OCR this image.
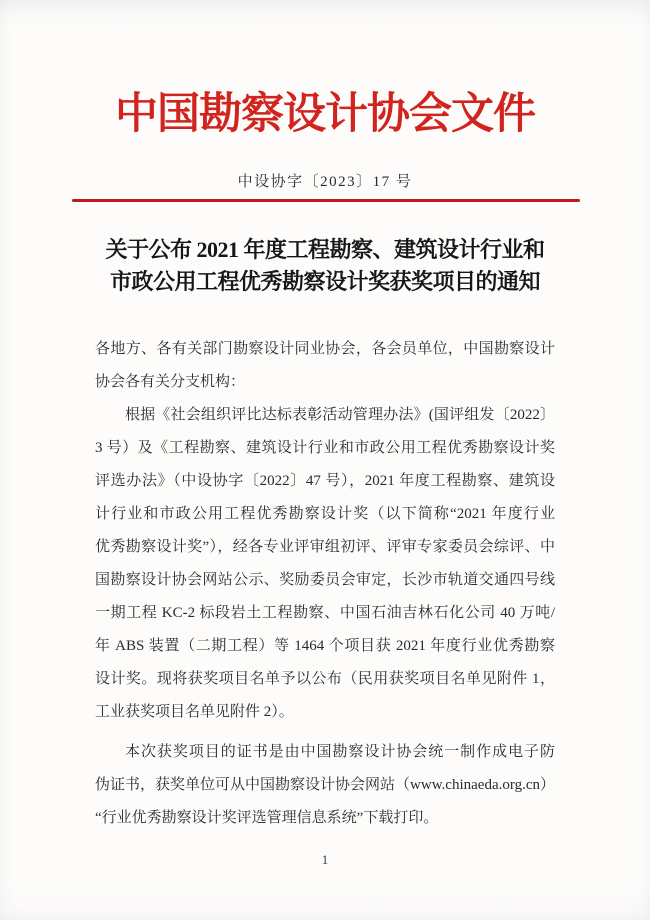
中国勘察设计协会文件
中设协字〔2023〕17 号
关于公布 2021 年度工程勘察、建筑设计行业和
市政公用工程优秀勘察设计奖获奖项目的通知
各地方、各有关部门勘察设计同业协会，各会员单位，中国勘察设计
协会各有关分支机构：
根据《社会组织评比达标表彰活动管理办法》(国评组发〔2022〕
3 号）及《工程勘察、建筑设计行业和市政公用工程优秀勘察设计奖
评选办法》（中设协字〔2022〕47 号），2021 年度工程勘察、建筑设
计行业和市政公用工程优秀勘察设计奖（以下简称“2021 年度行业
优秀勘察设计奖”），经各专业评审组初评、评审专家委员会综评、中
国勘察设计协会网站公示、奖励委员会审定，长沙市轨道交通四号线
一期工程 KC-2 标段岩土工程勘察、中国石油吉林石化公司 40 万吨/
年 ABS 装置（二期工程）等 1464 个项目获 2021 年度行业优秀勘察
设计奖。现将获奖项目名单予以公布（民用获奖项目名单见附件 1，
工业获奖项目名单见附件 2）。
本次获奖项目的证书是由中国勘察设计协会统一制作成电子防
伪证书，获奖单位可从中国勘察设计协会网站（www.chinaeda.org.cn）
“行业优秀勘察设计奖评选管理信息系统”下载打印。
1
